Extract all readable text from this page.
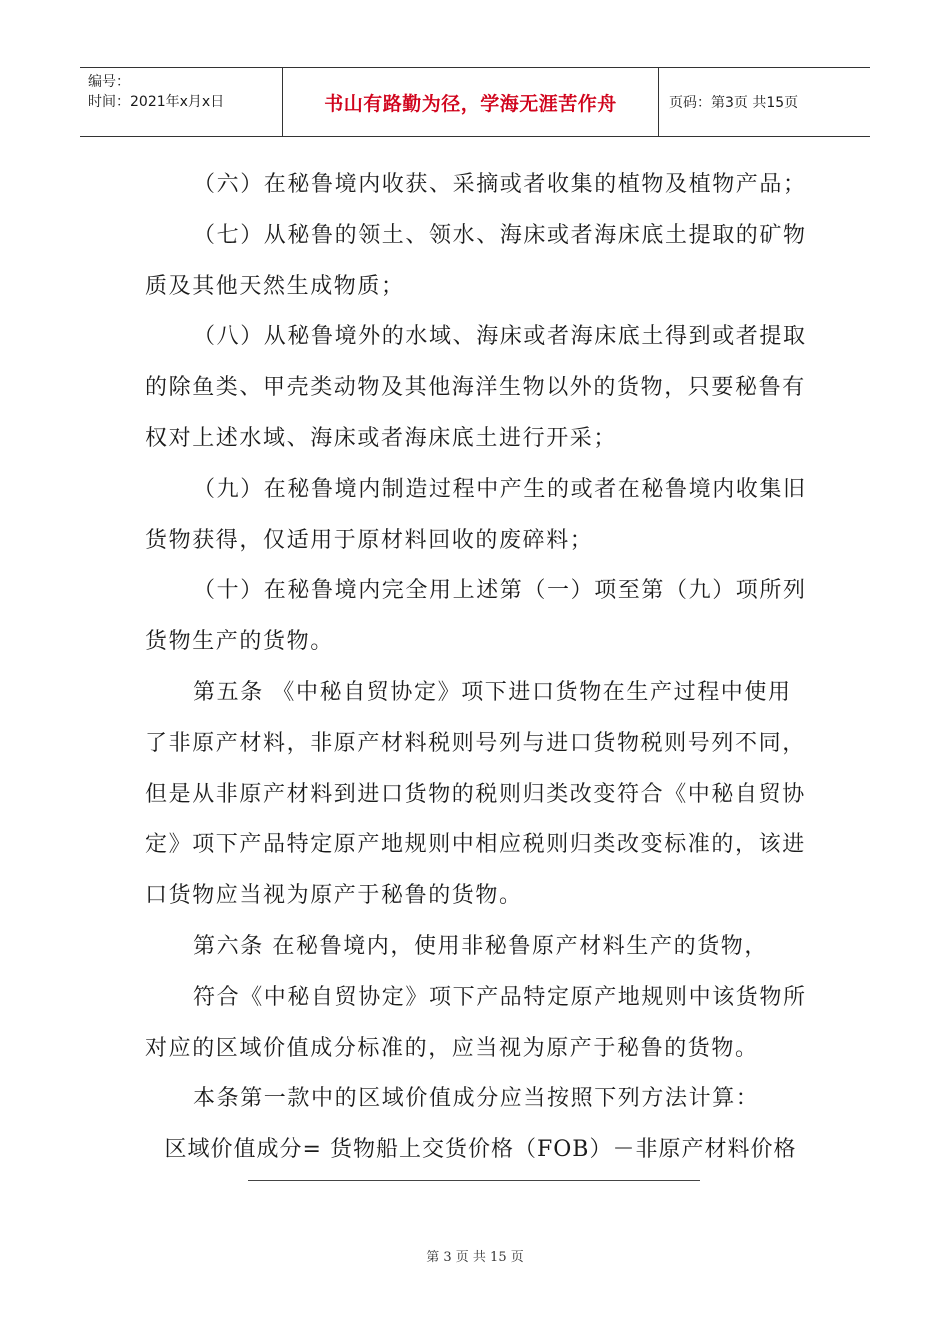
编号：
时间：2021年x月x日	书山有路勤为径，学海无涯苦作舟	页码：第3页 共15页

（六）在秘鲁境内收获、采摘或者收集的植物及植物产品；

（七）从秘鲁的领土、领水、海床或者海床底土提取的矿物质及其他天然生成物质；

（八）从秘鲁境外的水域、海床或者海床底土得到或者提取的除鱼类、甲壳类动物及其他海洋生物以外的货物，只要秘鲁有权对上述水域、海床或者海床底土进行开采；

（九）在秘鲁境内制造过程中产生的或者在秘鲁境内收集旧货物获得，仅适用于原材料回收的废碎料；

（十）在秘鲁境内完全用上述第（一）项至第（九）项所列货物生产的货物。

第五条 《中秘自贸协定》项下进口货物在生产过程中使用了非原产材料，非原产材料税则号列与进口货物税则号列不同，但是从非原产材料到进口货物的税则归类改变符合《中秘自贸协定》项下产品特定原产地规则中相应税则归类改变标准的，该进口货物应当视为原产于秘鲁的货物。

第六条 在秘鲁境内，使用非秘鲁原产材料生产的货物，

符合《中秘自贸协定》项下产品特定原产地规则中该货物所对应的区域价值成分标准的，应当视为原产于秘鲁的货物。

本条第一款中的区域价值成分应当按照下列方法计算：

区域价值成分= 货物船上交货价格（FOB）－非原产材料价格

第 3 页 共 15 页
